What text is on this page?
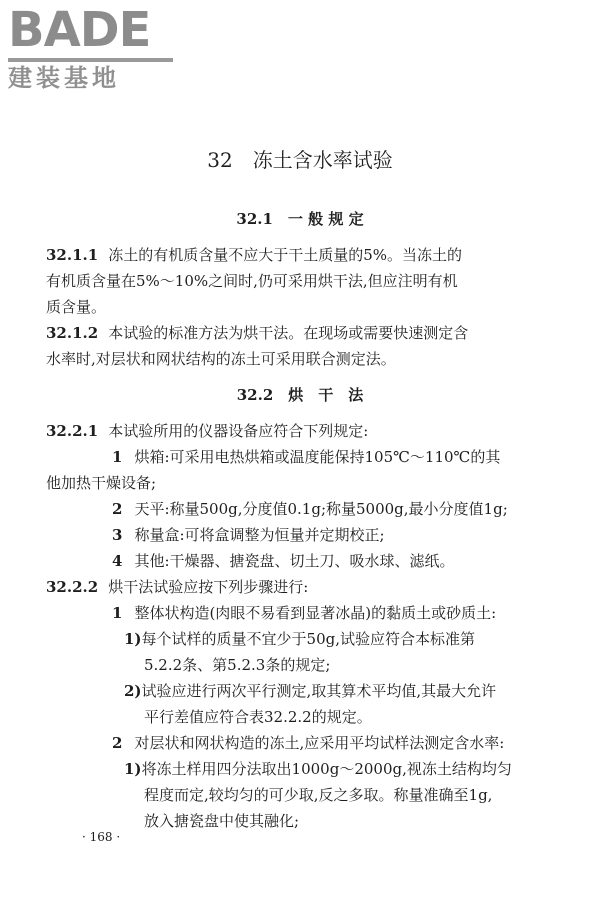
BADE
建装基地
32　冻土含水率试验
32.1　一 般 规 定
32.1.1 冻土的有机质含量不应大于干土质量的5%。当冻土的
有机质含量在5%～10%之间时,仍可采用烘干法,但应注明有机
质含量。
32.1.2 本试验的标准方法为烘干法。在现场或需要快速测定含
水率时,对层状和网状结构的冻土可采用联合测定法。
32.2　烘　干　法
32.2.1 本试验所用的仪器设备应符合下列规定:
1 烘箱:可采用电热烘箱或温度能保持105℃～110℃的其
他加热干燥设备;
2 天平:称量500g,分度值0.1g;称量5000g,最小分度值1g;
3 称量盒:可将盒调整为恒量并定期校正;
4 其他:干燥器、搪瓷盘、切土刀、吸水球、滤纸。
32.2.2 烘干法试验应按下列步骤进行:
1 整体状构造(肉眼不易看到显著冰晶)的黏质土或砂质土:
1)每个试样的质量不宜少于50g,试验应符合本标准第
5.2.2条、第5.2.3条的规定;
2)试验应进行两次平行测定,取其算术平均值,其最大允许
平行差值应符合表32.2.2的规定。
2 对层状和网状构造的冻土,应采用平均试样法测定含水率:
1)将冻土样用四分法取出1000g～2000g,视冻土结构均匀
程度而定,较均匀的可少取,反之多取。称量准确至1g,
放入搪瓷盘中使其融化;
· 168 ·
